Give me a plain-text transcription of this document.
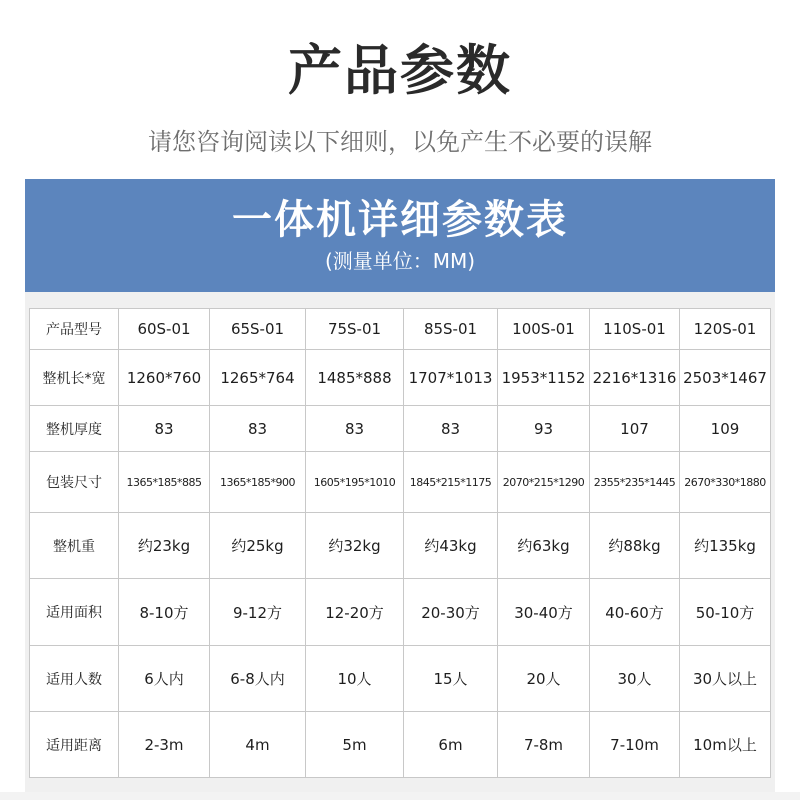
产品参数
请您咨询阅读以下细则，以免产生不必要的误解
一体机详细参数表
(测量单位：MM)
产品型号	60S-01	65S-01	75S-01	85S-01	100S-01	110S-01	120S-01
整机长*宽	1260*760	1265*764	1485*888	1707*1013	1953*1152	2216*1316	2503*1467
整机厚度	83	83	83	83	93	107	109
包装尺寸	1365*185*885	1365*185*900	1605*195*1010	1845*215*1175	2070*215*1290	2355*235*1445	2670*330*1880
整机重	约23kg	约25kg	约32kg	约43kg	约63kg	约88kg	约135kg
适用面积	8-10方	9-12方	12-20方	20-30方	30-40方	40-60方	50-10方
适用人数	6人内	6-8人内	10人	15人	20人	30人	30人以上
适用距离	2-3m	4m	5m	6m	7-8m	7-10m	10m以上
